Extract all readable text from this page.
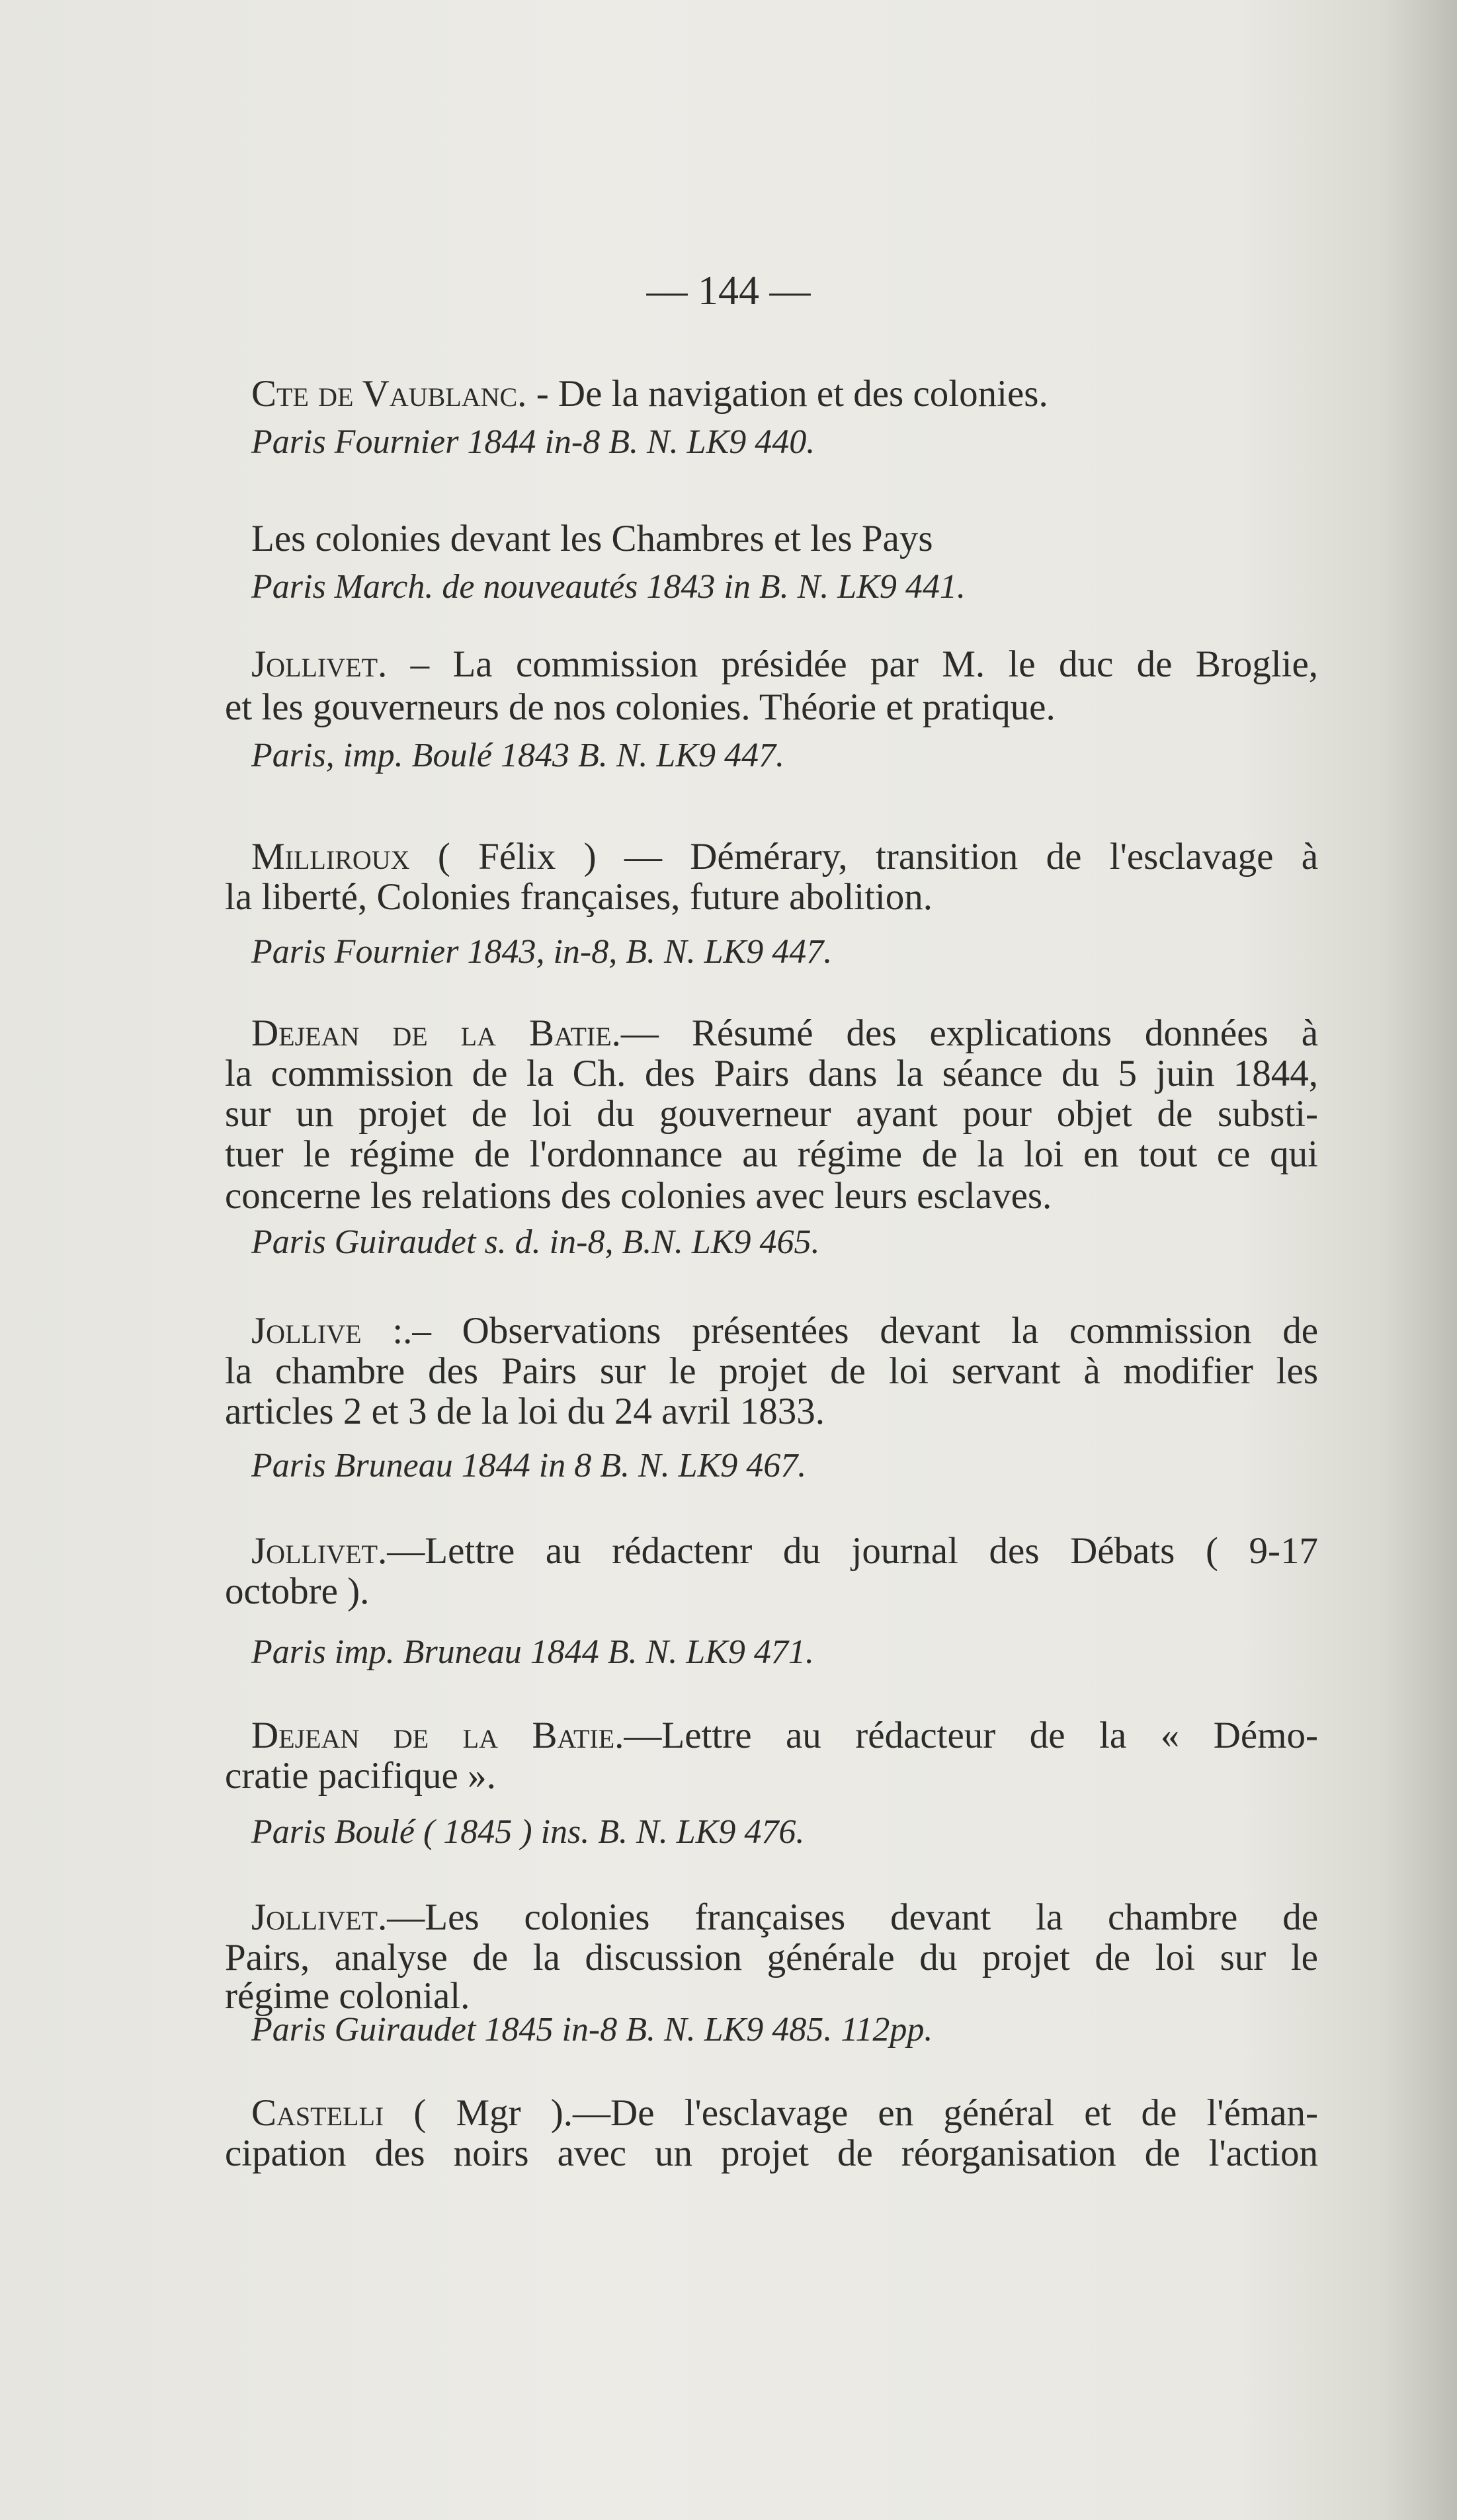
— 144 —
Cte de Vaublanc. - De la navigation et des colonies.
Paris Fournier 1844 in-8 B. N. LK9 440.
Les colonies devant les Chambres et les Pays
Paris March. de nouveautés 1843 in B. N. LK9 441.
Jollivet. – La commission présidée par M. le duc de Broglie,
et les gouverneurs de nos colonies. Théorie et pratique.
Paris, imp. Boulé 1843 B. N. LK9 447.
Milliroux ( Félix ) — Démérary, transition de l'esclavage à
la liberté, Colonies françaises, future abolition.
Paris Fournier 1843, in-8, B. N. LK9 447.
Dejean de la Batie.— Résumé des explications données à
la commission de la Ch. des Pairs dans la séance du 5 juin 1844,
sur un projet de loi du gouverneur ayant pour objet de substi-
tuer le régime de l'ordonnance au régime de la loi en tout ce qui
concerne les relations des colonies avec leurs esclaves.
Paris Guiraudet s. d. in-8, B.N. LK9 465.
Jollive :.– Observations présentées devant la commission de
la chambre des Pairs sur le projet de loi servant à modifier les
articles 2 et 3 de la loi du 24 avril 1833.
Paris Bruneau 1844 in 8 B. N. LK9 467.
Jollivet.—Lettre au rédactenr du journal des Débats ( 9-17
octobre ).
Paris imp. Bruneau 1844 B. N. LK9 471.
Dejean de la Batie.—Lettre au rédacteur de la « Démo-
cratie pacifique ».
Paris Boulé ( 1845 ) ins. B. N. LK9 476.
Jollivet.—Les colonies françaises devant la chambre de
Pairs, analyse de la discussion générale du projet de loi sur le
régime colonial.
Paris Guiraudet 1845 in-8 B. N. LK9 485. 112pp.
Castelli ( Mgr ).—De l'esclavage en général et de l'éman-
cipation des noirs avec un projet de réorganisation de l'action
